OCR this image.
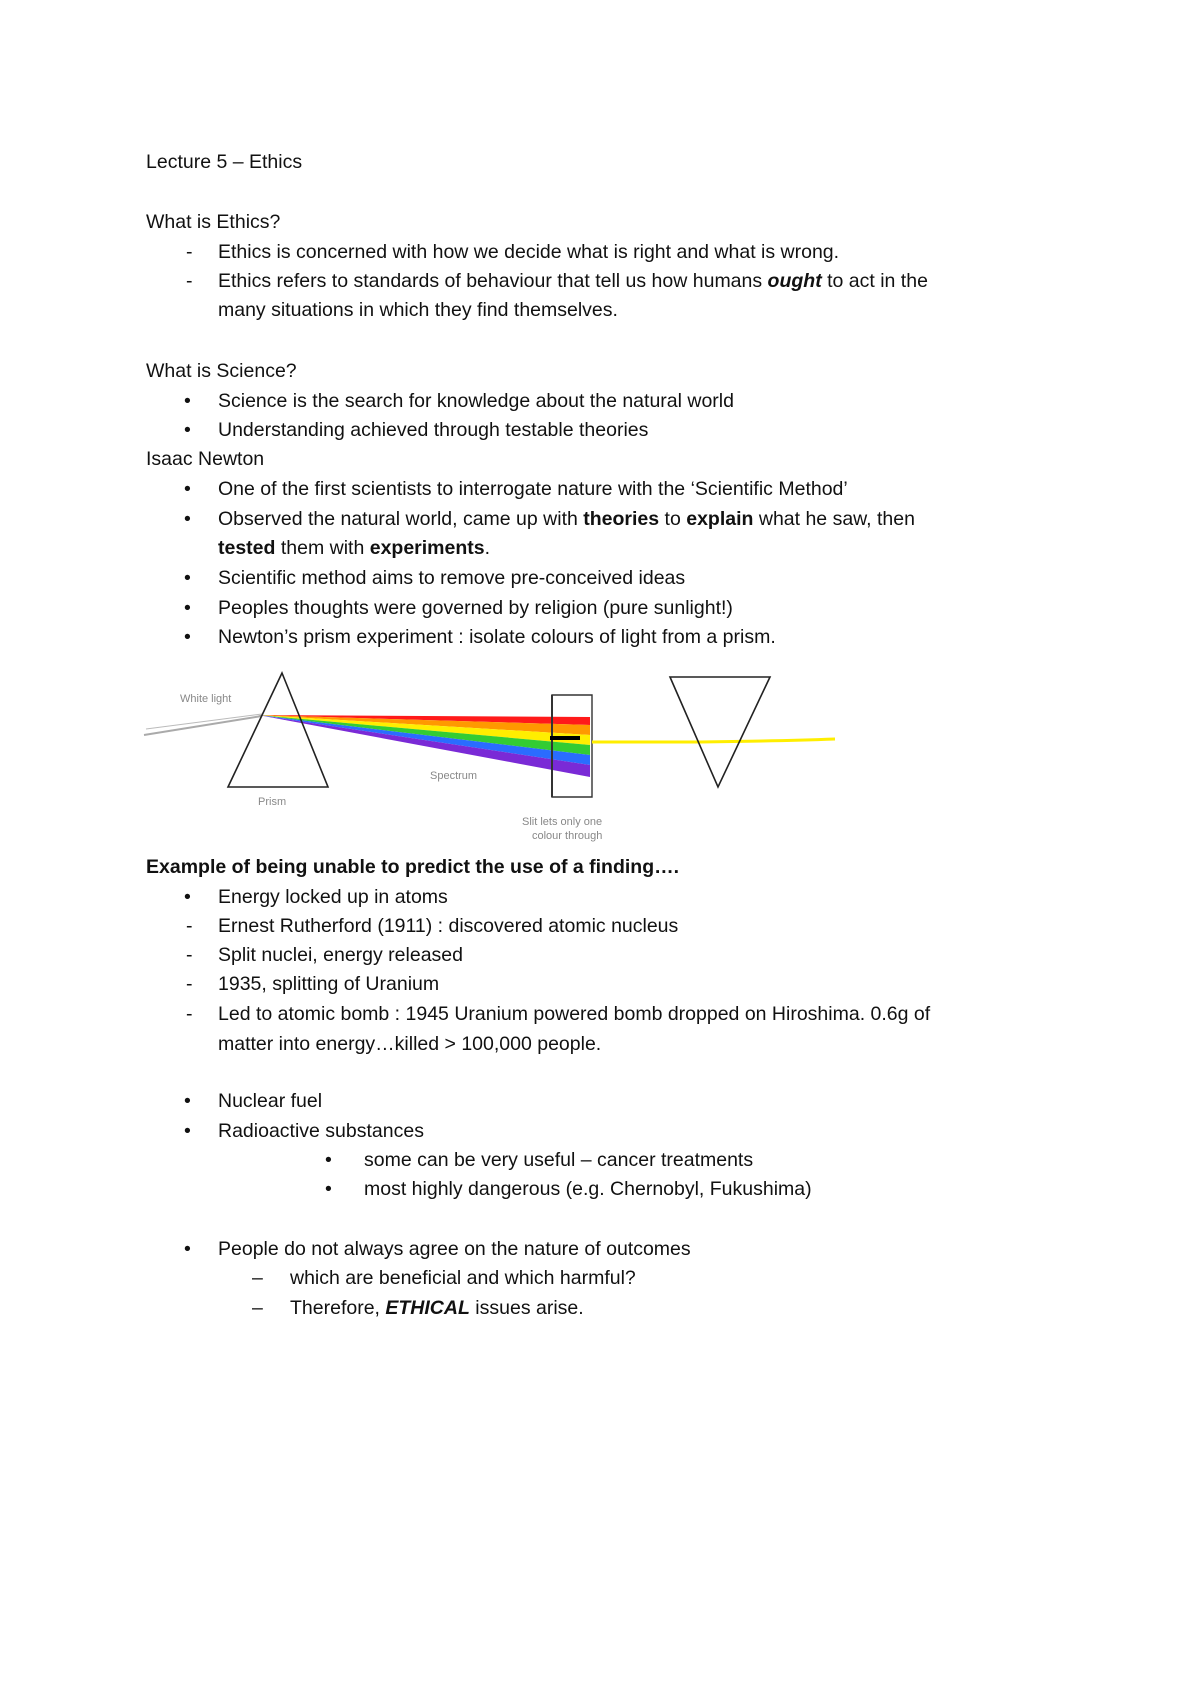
Lecture 5 – Ethics
What is Ethics?
- Ethics is concerned with how we decide what is right and what is wrong.
- Ethics refers to standards of behaviour that tell us how humans ought to act in the
many situations in which they find themselves.
What is Science?
• Science is the search for knowledge about the natural world
• Understanding achieved through testable theories
Isaac Newton
• One of the first scientists to interrogate nature with the ‘Scientific Method’
• Observed the natural world, came up with theories to explain what he saw, then
tested them with experiments.
• Scientific method aims to remove pre-conceived ideas
• Peoples thoughts were governed by religion (pure sunlight!)
• Newton’s prism experiment : isolate colours of light from a prism.
White light
Prism
Spectrum
Slit lets only one
colour through
Example of being unable to predict the use of a finding….
• Energy locked up in atoms
- Ernest Rutherford (1911) : discovered atomic nucleus
- Split nuclei, energy released
- 1935, splitting of Uranium
- Led to atomic bomb : 1945 Uranium powered bomb dropped on Hiroshima. 0.6g of
matter into energy…killed > 100,000 people.
• Nuclear fuel
• Radioactive substances
• some can be very useful – cancer treatments
• most highly dangerous (e.g. Chernobyl, Fukushima)
• People do not always agree on the nature of outcomes
– which are beneficial and which harmful?
– Therefore, ETHICAL issues arise.
